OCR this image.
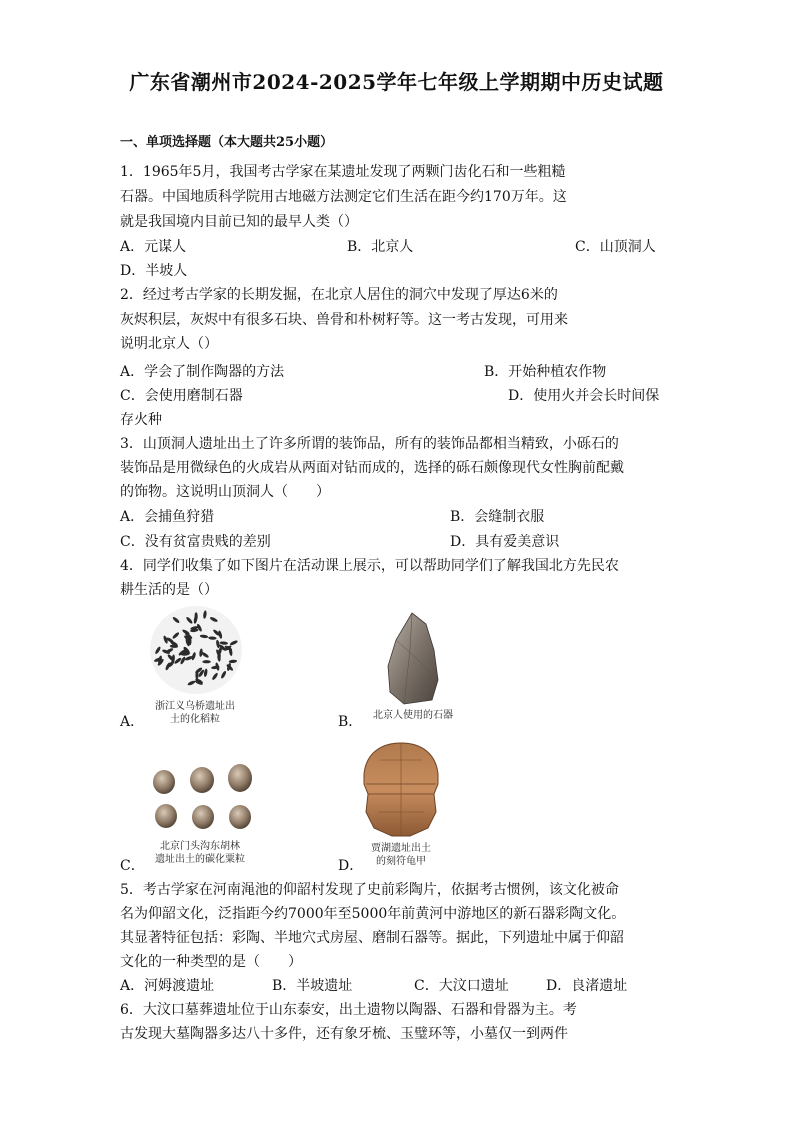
广东省潮州市2024-2025学年七年级上学期期中历史试题
一、单项选择题（本大题共25小题）
1．1965年5月，我国考古学家在某遗址发现了两颗门齿化石和一些粗糙
石器。中国地质科学院用古地磁方法测定它们生活在距今约170万年。这
就是我国境内目前已知的最早人类（）
A．元谋人	B．北京人	C．山顶洞人
D．半坡人
2．经过考古学家的长期发掘，在北京人居住的洞穴中发现了厚达6米的
灰烬积层，灰烬中有很多石块、兽骨和朴树籽等。这一考古发现，可用来
说明北京人（）
A．学会了制作陶器的方法	B．开始种植农作物
C．会使用磨制石器	D．使用火并会长时间保
存火种
3．山顶洞人遗址出土了许多所谓的装饰品，所有的装饰品都相当精致，小砾石的
装饰品是用微绿色的火成岩从两面对钻而成的，选择的砾石颇像现代女性胸前配戴
的饰物。这说明山顶洞人（　　）
A．会捕鱼狩猎	B．会缝制衣服
C．没有贫富贵贱的差别	D．具有爱美意识
4．同学们收集了如下图片在活动课上展示，可以帮助同学们了解我国北方先民农
耕生活的是（）
浙江义乌桥遗址出
土的化稻粒
A．	北京人使用的石器
B．
北京门头沟东胡林
遗址出土的碳化粟粒
C．
贾湖遗址出土
的刻符龟甲
D．
5．考古学家在河南渑池的仰韶村发现了史前彩陶片，依据考古惯例，该文化被命
名为仰韶文化，泛指距今约7000年至5000年前黄河中游地区的新石器彩陶文化。
其显著特征包括：彩陶、半地穴式房屋、磨制石器等。据此，下列遗址中属于仰韶
文化的一种类型的是（　　）
A．河姆渡遗址	B．半坡遗址	C．大汶口遗址	D．良渚遗址
6．大汶口墓葬遗址位于山东泰安，出土遗物以陶器、石器和骨器为主。考
古发现大墓陶器多达八十多件，还有象牙梳、玉璧环等，小墓仅一到两件
